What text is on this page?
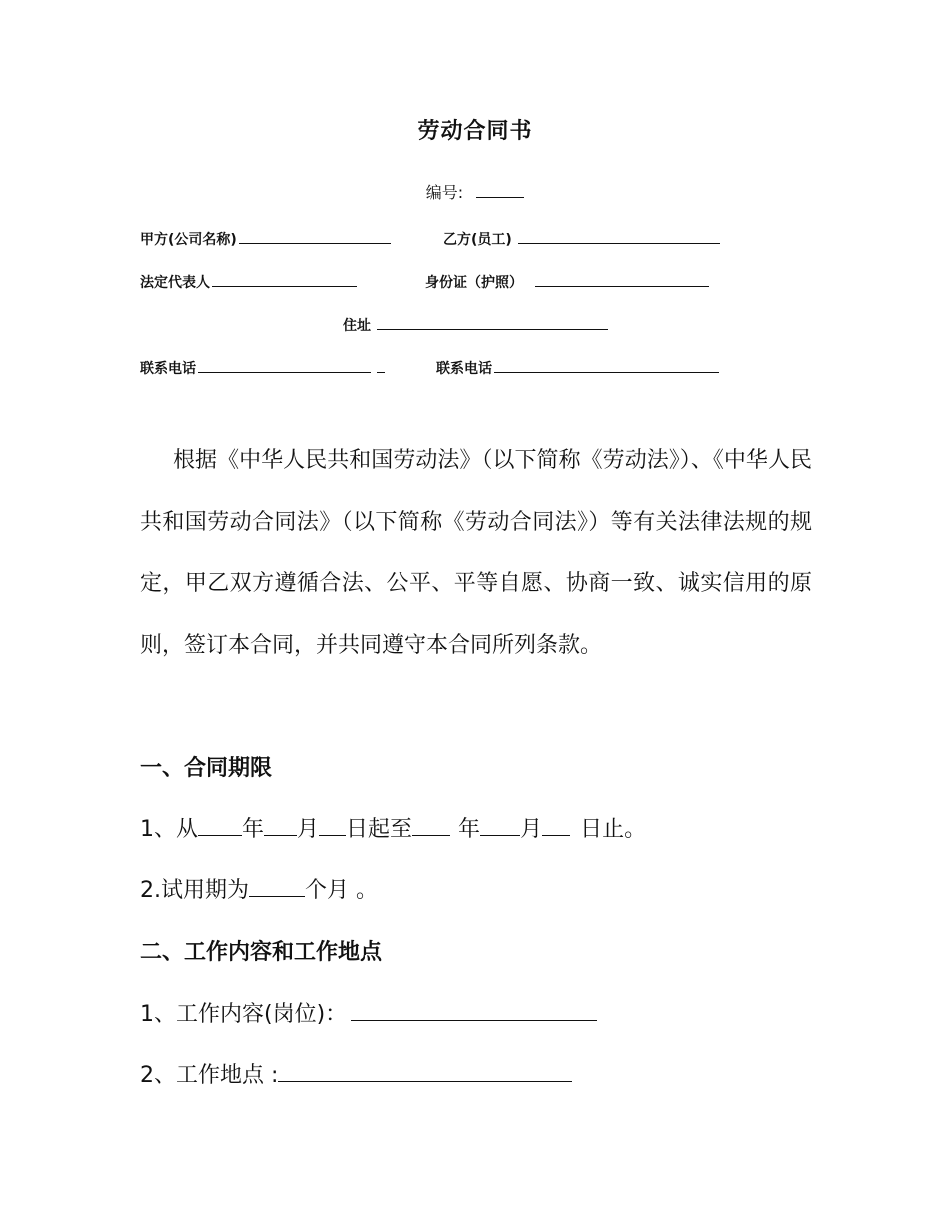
劳动合同书
编号:
甲方(公司名称)	乙方(员工)
法定代表人	身份证（护照）
住址
联系电话	联系电话
根据《中华人民共和国劳动法》（以下简称《劳动法》）、《中华人民共和国劳动合同法》（以下简称《劳动合同法》）等有关法律法规的规定，甲乙双方遵循合法、公平、平等自愿、协商一致、诚实信用的原则，签订本合同，并共同遵守本合同所列条款。
一、合同期限
1、从 年 月 日起至 年 月 日止。
2.试用期为	个月 。
二、工作内容和工作地点
1、工作内容(岗位)：
2、工作地点 :
